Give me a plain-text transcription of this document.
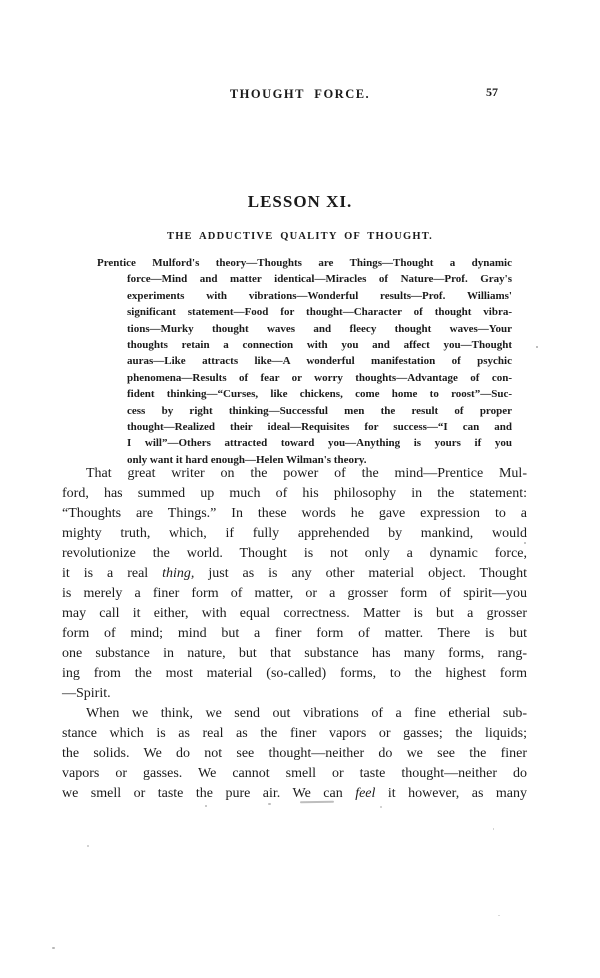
THOUGHT FORCE.	57
LESSON XI.
THE ADDUCTIVE QUALITY OF THOUGHT.
Prentice Mulford's theory—Thoughts are Things—Thought a dynamic
force—Mind and matter identical—Miracles of Nature—Prof. Gray's
experiments with vibrations—Wonderful results—Prof. Williams'
significant statement—Food for thought—Character of thought vibra-
tions—Murky thought waves and fleecy thought waves—Your
thoughts retain a connection with you and affect you—Thought
auras—Like attracts like—A wonderful manifestation of psychic
phenomena—Results of fear or worry thoughts—Advantage of con-
fident thinking—“Curses, like chickens, come home to roost”—Suc-
cess by right thinking—Successful men the result of proper
thought—Realized their ideal—Requisites for success—“I can and
I will”—Others attracted toward you—Anything is yours if you
only want it hard enough—Helen Wilman's theory.
That great writer on the power of the mind—Prentice Mul-
ford, has summed up much of his philosophy in the statement:
“Thoughts are Things.” In these words he gave expression to a
mighty truth, which, if fully apprehended by mankind, would
revolutionize the world. Thought is not only a dynamic force,
it is a real thing, just as is any other material object. Thought
is merely a finer form of matter, or a grosser form of spirit—you
may call it either, with equal correctness. Matter is but a grosser
form of mind; mind but a finer form of matter. There is but
one substance in nature, but that substance has many forms, rang-
ing from the most material (so-called) forms, to the highest form
—Spirit.
When we think, we send out vibrations of a fine etherial sub-
stance which is as real as the finer vapors or gasses; the liquids;
the solids. We do not see thought—neither do we see the finer
vapors or gasses. We cannot smell or taste thought—neither do
we smell or taste the pure air. We can feel it however, as many
